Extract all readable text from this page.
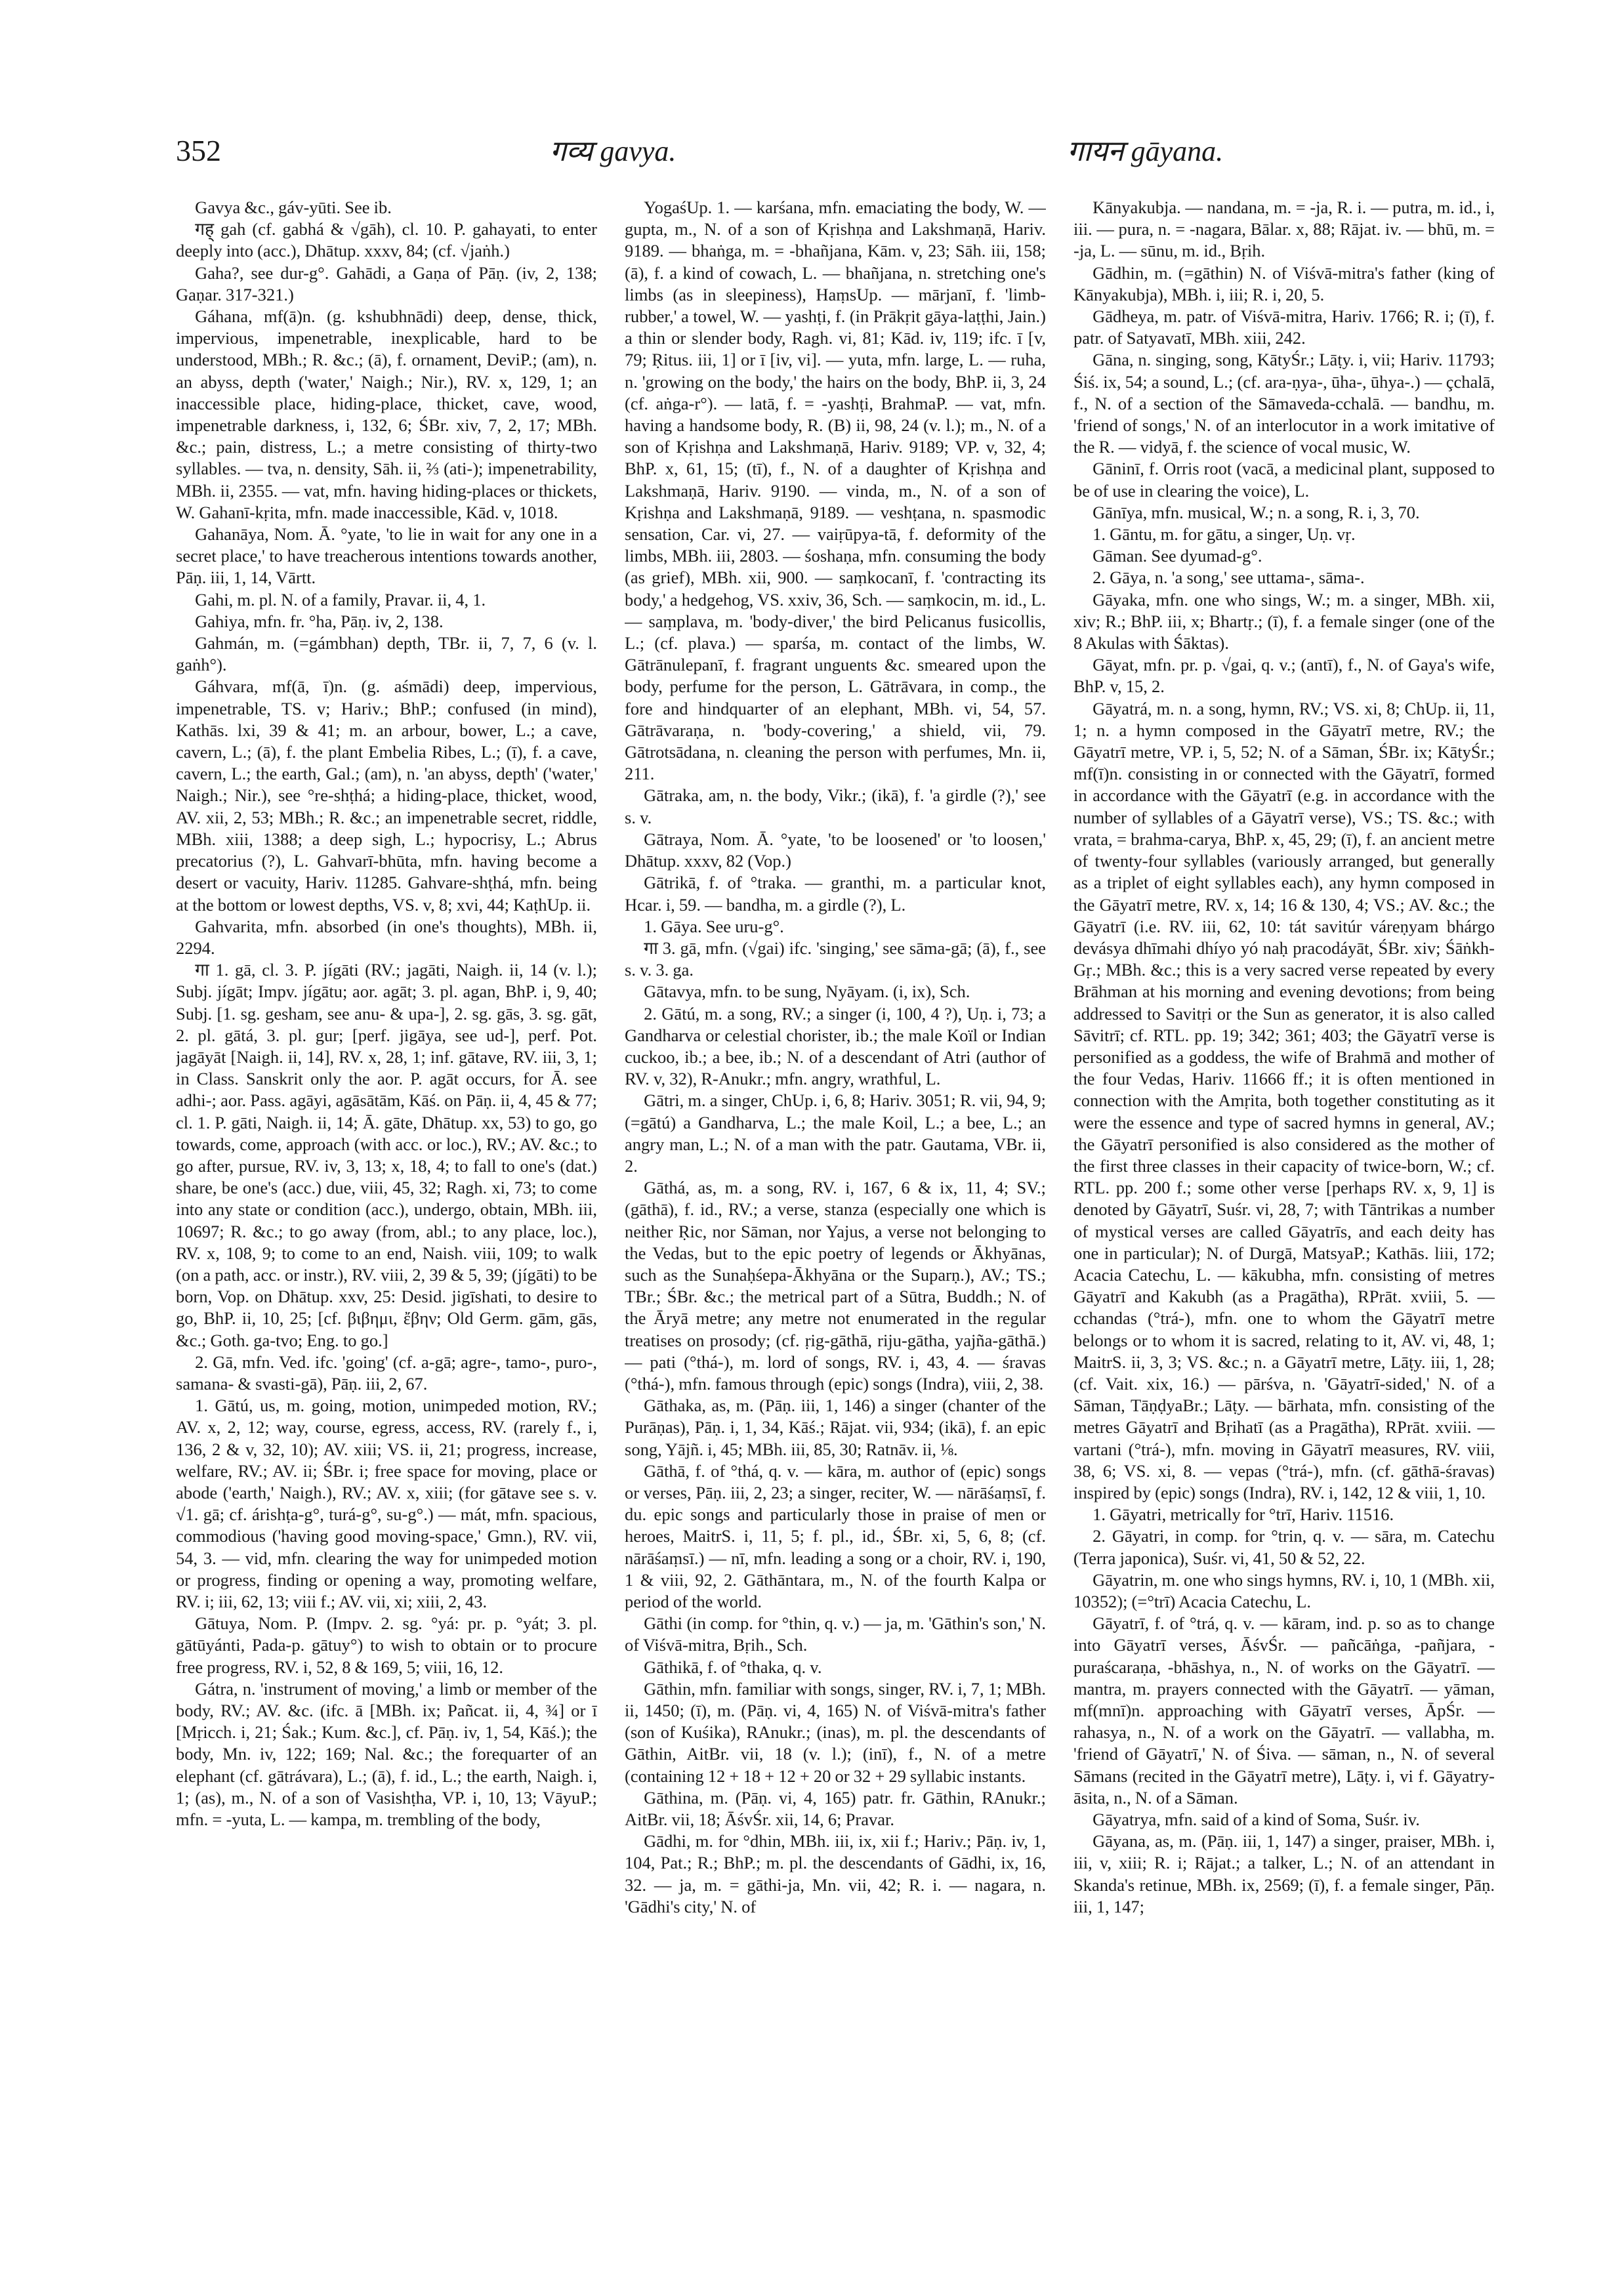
352	गव्य gavya.	गायन gāyana.

Gavya &c., gáv-yūti. See ib.

गह् gah (cf. gabhá & √gāh), cl. 10. P. gahayati, to enter deeply into (acc.), Dhātup. xxxv, 84; (cf. √jaṅh.)

Gaha?, see dur-g°. Gahādi, a Gaṇa of Pāṇ. (iv, 2, 138; Gaṇar. 317-321.)

Gáhana, mf(ā)n. (g. kshubhnādi) deep, dense, thick, impervious, impenetrable, inexplicable, hard to be understood, MBh.; R. &c.; (ā), f. ornament, DeviP.; (am), n. an abyss, depth ('water,' Naigh.; Nir.), RV. x, 129, 1; an inaccessible place, hiding-place, thicket, cave, wood, impenetrable darkness, i, 132, 6; ŚBr. xiv, 7, 2, 17; MBh. &c.; pain, distress, L.; a metre consisting of thirty-two syllables. — tva, n. density, Sāh. ii, ⅔ (ati-); impenetrability, MBh. ii, 2355. — vat, mfn. having hiding-places or thickets, W. Gahanī-kṛita, mfn. made inaccessible, Kād. v, 1018.

Gahanāya, Nom. Ā. °yate, 'to lie in wait for any one in a secret place,' to have treacherous intentions towards another, Pāṇ. iii, 1, 14, Vārtt.

Gahi, m. pl. N. of a family, Pravar. ii, 4, 1.

Gahiya, mfn. fr. °ha, Pāṇ. iv, 2, 138.

Gahmán, m. (=gámbhan) depth, TBr. ii, 7, 7, 6 (v. l. gaṅh°).

Gáhvara, mf(ā, ī)n. (g. aśmādi) deep, impervious, impenetrable, TS. v; Hariv.; BhP.; confused (in mind), Kathās. lxi, 39 & 41; m. an arbour, bower, L.; a cave, cavern, L.; (ā), f. the plant Embelia Ribes, L.; (ī), f. a cave, cavern, L.; the earth, Gal.; (am), n. 'an abyss, depth' ('water,' Naigh.; Nir.), see °re-shṭhá; a hiding-place, thicket, wood, AV. xii, 2, 53; MBh.; R. &c.; an impenetrable secret, riddle, MBh. xiii, 1388; a deep sigh, L.; hypocrisy, L.; Abrus precatorius (?), L. Gahvarī-bhūta, mfn. having become a desert or vacuity, Hariv. 11285. Gahvare-shṭhá, mfn. being at the bottom or lowest depths, VS. v, 8; xvi, 44; KaṭhUp. ii.

Gahvarita, mfn. absorbed (in one's thoughts), MBh. ii, 2294.

गा 1. gā, cl. 3. P. jígāti (RV.; jagāti, Naigh. ii, 14 (v. l.); Subj. jígāt; Impv. jígātu; aor. agāt; 3. pl. agan, BhP. i, 9, 40; Subj. [1. sg. gesham, see anu- & upa-], 2. sg. gās, 3. sg. gāt, 2. pl. gātá, 3. pl. gur; [perf. jigāya, see ud-], perf. Pot. jagāyāt [Naigh. ii, 14], RV. x, 28, 1; inf. gātave, RV. iii, 3, 1; in Class. Sanskrit only the aor. P. agāt occurs, for Ā. see adhi-; aor. Pass. agāyi, agāsātām, Kāś. on Pāṇ. ii, 4, 45 & 77; cl. 1. P. gāti, Naigh. ii, 14; Ā. gāte, Dhātup. xx, 53) to go, go towards, come, approach (with acc. or loc.), RV.; AV. &c.; to go after, pursue, RV. iv, 3, 13; x, 18, 4; to fall to one's (dat.) share, be one's (acc.) due, viii, 45, 32; Ragh. xi, 73; to come into any state or condition (acc.), undergo, obtain, MBh. iii, 10697; R. &c.; to go away (from, abl.; to any place, loc.), RV. x, 108, 9; to come to an end, Naish. viii, 109; to walk (on a path, acc. or instr.), RV. viii, 2, 39 & 5, 39; (jígāti) to be born, Vop. on Dhātup. xxv, 25: Desid. jigīshati, to desire to go, BhP. ii, 10, 25; [cf. βιβημι, ἔβην; Old Germ. gām, gās, &c.; Goth. ga-tvo; Eng. to go.]

2. Gā, mfn. Ved. ifc. 'going' (cf. a-gā; agre-, tamo-, puro-, samana- & svasti-gā), Pāṇ. iii, 2, 67.

1. Gātú, us, m. going, motion, unimpeded motion, RV.; AV. x, 2, 12; way, course, egress, access, RV. (rarely f., i, 136, 2 & v, 32, 10); AV. xiii; VS. ii, 21; progress, increase, welfare, RV.; AV. ii; ŚBr. i; free space for moving, place or abode ('earth,' Naigh.), RV.; AV. x, xiii; (for gātave see s. v. √1. gā; cf. árishṭa-g°, turá-g°, su-g°.) — mát, mfn. spacious, commodious ('having good moving-space,' Gmn.), RV. vii, 54, 3. — vid, mfn. clearing the way for unimpeded motion or progress, finding or opening a way, promoting welfare, RV. i; iii, 62, 13; viii f.; AV. vii, xi; xiii, 2, 43.

Gātuya, Nom. P. (Impv. 2. sg. °yá: pr. p. °yát; 3. pl. gātūyánti, Pada-p. gātuy°) to wish to obtain or to procure free progress, RV. i, 52, 8 & 169, 5; viii, 16, 12.

Gátra, n. 'instrument of moving,' a limb or member of the body, RV.; AV. &c. (ifc. ā [MBh. ix; Pañcat. ii, 4, ¾] or ī [Mṛicch. i, 21; Śak.; Kum. &c.], cf. Pāṇ. iv, 1, 54, Kāś.); the body, Mn. iv, 122; 169; Nal. &c.; the forequarter of an elephant (cf. gātrávara), L.; (ā), f. id., L.; the earth, Naigh. i, 1; (as), m., N. of a son of Vasishṭha, VP. i, 10, 13; VāyuP.; mfn. = -yuta, L. — kampa, m. trembling of the body,

YogaśUp. 1. — karśana, mfn. emaciating the body, W. — gupta, m., N. of a son of Kṛishṇa and Lakshmaṇā, Hariv. 9189. — bhaṅga, m. = -bhañjana, Kām. v, 23; Sāh. iii, 158; (ā), f. a kind of cowach, L. — bhañjana, n. stretching one's limbs (as in sleepiness), HaṃsUp. — mārjanī, f. 'limb-rubber,' a towel, W. — yashṭi, f. (in Prākṛit gāya-laṭṭhi, Jain.) a thin or slender body, Ragh. vi, 81; Kād. iv, 119; ifc. ī [v, 79; Ṛitus. iii, 1] or ī [iv, vi]. — yuta, mfn. large, L. — ruha, n. 'growing on the body,' the hairs on the body, BhP. ii, 3, 24 (cf. aṅga-r°). — latā, f. = -yashṭi, BrahmaP. — vat, mfn. having a handsome body, R. (B) ii, 98, 24 (v. l.); m., N. of a son of Kṛishṇa and Lakshmaṇā, Hariv. 9189; VP. v, 32, 4; BhP. x, 61, 15; (tī), f., N. of a daughter of Kṛishṇa and Lakshmaṇā, Hariv. 9190. — vinda, m., N. of a son of Kṛishṇa and Lakshmaṇā, 9189. — veshṭana, n. spasmodic sensation, Car. vi, 27. — vaiṛūpya-tā, f. deformity of the limbs, MBh. iii, 2803. — śoshaṇa, mfn. consuming the body (as grief), MBh. xii, 900. — saṃkocanī, f. 'contracting its body,' a hedgehog, VS. xxiv, 36, Sch. — saṃkocin, m. id., L. — saṃplava, m. 'body-diver,' the bird Pelicanus fusicollis, L.; (cf. plava.) — sparśa, m. contact of the limbs, W. Gātrānulepanī, f. fragrant unguents &c. smeared upon the body, perfume for the person, L. Gātrāvara, in comp., the fore and hindquarter of an elephant, MBh. vi, 54, 57. Gātrāvaraṇa, n. 'body-covering,' a shield, vii, 79. Gātrotsādana, n. cleaning the person with perfumes, Mn. ii, 211.

Gātraka, am, n. the body, Vikr.; (ikā), f. 'a girdle (?),' see s. v.

Gātraya, Nom. Ā. °yate, 'to be loosened' or 'to loosen,' Dhātup. xxxv, 82 (Vop.)

Gātrikā, f. of °traka. — granthi, m. a particular knot, Hcar. i, 59. — bandha, m. a girdle (?), L.

1. Gāya. See uru-g°.

गा 3. gā, mfn. (√gai) ifc. 'singing,' see sāma-gā; (ā), f., see s. v. 3. ga.

Gātavya, mfn. to be sung, Nyāyam. (i, ix), Sch.

2. Gātú, m. a song, RV.; a singer (i, 100, 4 ?), Uṇ. i, 73; a Gandharva or celestial chorister, ib.; the male Koïl or Indian cuckoo, ib.; a bee, ib.; N. of a descendant of Atri (author of RV. v, 32), R-Anukr.; mfn. angry, wrathful, L.

Gātri, m. a singer, ChUp. i, 6, 8; Hariv. 3051; R. vii, 94, 9; (=gātú) a Gandharva, L.; the male Koil, L.; a bee, L.; an angry man, L.; N. of a man with the patr. Gautama, VBr. ii, 2.

Gāthá, as, m. a song, RV. i, 167, 6 & ix, 11, 4; SV.; (gāthā), f. id., RV.; a verse, stanza (especially one which is neither Ṛic, nor Sāman, nor Yajus, a verse not belonging to the Vedas, but to the epic poetry of legends or Ākhyānas, such as the Sunaḥśepa-Ākhyāna or the Suparṇ.), AV.; TS.; TBr.; ŚBr. &c.; the metrical part of a Sūtra, Buddh.; N. of the Āryā metre; any metre not enumerated in the regular treatises on prosody; (cf. ṛig-gāthā, riju-gātha, yajña-gāthā.) — pati (°thá-), m. lord of songs, RV. i, 43, 4. — śravas (°thá-), mfn. famous through (epic) songs (Indra), viii, 2, 38.

Gāthaka, as, m. (Pāṇ. iii, 1, 146) a singer (chanter of the Purāṇas), Pāṇ. i, 1, 34, Kāś.; Rājat. vii, 934; (ikā), f. an epic song, Yājñ. i, 45; MBh. iii, 85, 30; Ratnāv. ii, ⅛.

Gāthā, f. of °thá, q. v. — kāra, m. author of (epic) songs or verses, Pāṇ. iii, 2, 23; a singer, reciter, W. — nārāśaṃsī, f. du. epic songs and particularly those in praise of men or heroes, MaitrS. i, 11, 5; f. pl., id., ŚBr. xi, 5, 6, 8; (cf. nārāśaṃsī.) — nī, mfn. leading a song or a choir, RV. i, 190, 1 & viii, 92, 2. Gāthāntara, m., N. of the fourth Kalpa or period of the world.

Gāthi (in comp. for °thin, q. v.) — ja, m. 'Gāthin's son,' N. of Viśvā-mitra, Bṛih., Sch.

Gāthikā, f. of °thaka, q. v.

Gāthin, mfn. familiar with songs, singer, RV. i, 7, 1; MBh. ii, 1450; (ī), m. (Pāṇ. vi, 4, 165) N. of Viśvā-mitra's father (son of Kuśika), RAnukr.; (inas), m. pl. the descendants of Gāthin, AitBr. vii, 18 (v. l.); (inī), f., N. of a metre (containing 12 + 18 + 12 + 20 or 32 + 29 syllabic instants.

Gāthina, m. (Pāṇ. vi, 4, 165) patr. fr. Gāthin, RAnukr.; AitBr. vii, 18; ĀśvŚr. xii, 14, 6; Pravar.

Gādhi, m. for °dhin, MBh. iii, ix, xii f.; Hariv.; Pāṇ. iv, 1, 104, Pat.; R.; BhP.; m. pl. the descendants of Gādhi, ix, 16, 32. — ja, m. = gāthi-ja, Mn. vii, 42; R. i. — nagara, n. 'Gādhi's city,' N. of

Kānyakubja. — nandana, m. = -ja, R. i. — putra, m. id., i, iii. — pura, n. = -nagara, Bālar. x, 88; Rājat. iv. — bhū, m. = -ja, L. — sūnu, m. id., Bṛih.

Gādhin, m. (=gāthin) N. of Viśvā-mitra's father (king of Kānyakubja), MBh. i, iii; R. i, 20, 5.

Gādheya, m. patr. of Viśvā-mitra, Hariv. 1766; R. i; (ī), f. patr. of Satyavatī, MBh. xiii, 242.

Gāna, n. singing, song, KātyŚr.; Lāṭy. i, vii; Hariv. 11793; Śiś. ix, 54; a sound, L.; (cf. ara-ṇya-, ūha-, ūhya-.) — çchalā, f., N. of a section of the Sāmaveda-cchalā. — bandhu, m. 'friend of songs,' N. of an interlocutor in a work imitative of the R. — vidyā, f. the science of vocal music, W.

Gāninī, f. Orris root (vacā, a medicinal plant, supposed to be of use in clearing the voice), L.

Gānīya, mfn. musical, W.; n. a song, R. i, 3, 70.

1. Gāntu, m. for gātu, a singer, Uṇ. vṛ.

Gāman. See dyumad-g°.

2. Gāya, n. 'a song,' see uttama-, sāma-.

Gāyaka, mfn. one who sings, W.; m. a singer, MBh. xii, xiv; R.; BhP. iii, x; Bhartṛ.; (ī), f. a female singer (one of the 8 Akulas with Śāktas).

Gāyat, mfn. pr. p. √gai, q. v.; (antī), f., N. of Gaya's wife, BhP. v, 15, 2.

Gāyatrá, m. n. a song, hymn, RV.; VS. xi, 8; ChUp. ii, 11, 1; n. a hymn composed in the Gāyatrī metre, RV.; the Gāyatrī metre, VP. i, 5, 52; N. of a Sāman, ŚBr. ix; KātyŚr.; mf(ī)n. consisting in or connected with the Gāyatrī, formed in accordance with the Gāyatrī (e.g. in accordance with the number of syllables of a Gāyatrī verse), VS.; TS. &c.; with vrata, = brahma-carya, BhP. x, 45, 29; (ī), f. an ancient metre of twenty-four syllables (variously arranged, but generally as a triplet of eight syllables each), any hymn composed in the Gāyatrī metre, RV. x, 14; 16 & 130, 4; VS.; AV. &c.; the Gāyatrī (i.e. RV. iii, 62, 10: tát savitúr váreṇyam bhárgo devásya dhīmahi dhíyo yó naḥ pracodáyāt, ŚBr. xiv; Śāṅkh-Gṛ.; MBh. &c.; this is a very sacred verse repeated by every Brāhman at his morning and evening devotions; from being addressed to Savitṛi or the Sun as generator, it is also called Sāvitrī; cf. RTL. pp. 19; 342; 361; 403; the Gāyatrī verse is personified as a goddess, the wife of Brahmā and mother of the four Vedas, Hariv. 11666 ff.; it is often mentioned in connection with the Amṛita, both together constituting as it were the essence and type of sacred hymns in general, AV.; the Gāyatrī personified is also considered as the mother of the first three classes in their capacity of twice-born, W.; cf. RTL. pp. 200 f.; some other verse [perhaps RV. x, 9, 1] is denoted by Gāyatrī, Suśr. vi, 28, 7; with Tāntrikas a number of mystical verses are called Gāyatrīs, and each deity has one in particular); N. of Durgā, MatsyaP.; Kathās. liii, 172; Acacia Catechu, L. — kākubha, mfn. consisting of metres Gāyatrī and Kakubh (as a Pragātha), RPrāt. xviii, 5. — cchandas (°trá-), mfn. one to whom the Gāyatrī metre belongs or to whom it is sacred, relating to it, AV. vi, 48, 1; MaitrS. ii, 3, 3; VS. &c.; n. a Gāyatrī metre, Lāṭy. iii, 1, 28; (cf. Vait. xix, 16.) — pārśva, n. 'Gāyatrī-sided,' N. of a Sāman, TāṇḍyaBr.; Lāṭy. — bārhata, mfn. consisting of the metres Gāyatrī and Bṛihatī (as a Pragātha), RPrāt. xviii. — vartani (°trá-), mfn. moving in Gāyatrī measures, RV. viii, 38, 6; VS. xi, 8. — vepas (°trá-), mfn. (cf. gāthā-śravas) inspired by (epic) songs (Indra), RV. i, 142, 12 & viii, 1, 10.

1. Gāyatri, metrically for °trī, Hariv. 11516.

2. Gāyatri, in comp. for °trin, q. v. — sāra, m. Catechu (Terra japonica), Suśr. vi, 41, 50 & 52, 22.

Gāyatrin, m. one who sings hymns, RV. i, 10, 1 (MBh. xii, 10352); (=°trī) Acacia Catechu, L.

Gāyatrī, f. of °trá, q. v. — kāram, ind. p. so as to change into Gāyatrī verses, ĀśvŚr. — pañcāṅga, -pañjara, -puraścaraṇa, -bhāshya, n., N. of works on the Gāyatrī. — mantra, m. prayers connected with the Gāyatrī. — yāman, mf(mnī)n. approaching with Gāyatrī verses, ĀpŚr. — rahasya, n., N. of a work on the Gāyatrī. — vallabha, m. 'friend of Gāyatrī,' N. of Śiva. — sāman, n., N. of several Sāmans (recited in the Gāyatrī metre), Lāṭy. i, vi f. Gāyatry-āsita, n., N. of a Sāman.

Gāyatrya, mfn. said of a kind of Soma, Suśr. iv.

Gāyana, as, m. (Pāṇ. iii, 1, 147) a singer, praiser, MBh. i, iii, v, xiii; R. i; Rājat.; a talker, L.; N. of an attendant in Skanda's retinue, MBh. ix, 2569; (ī), f. a female singer, Pāṇ. iii, 1, 147;
